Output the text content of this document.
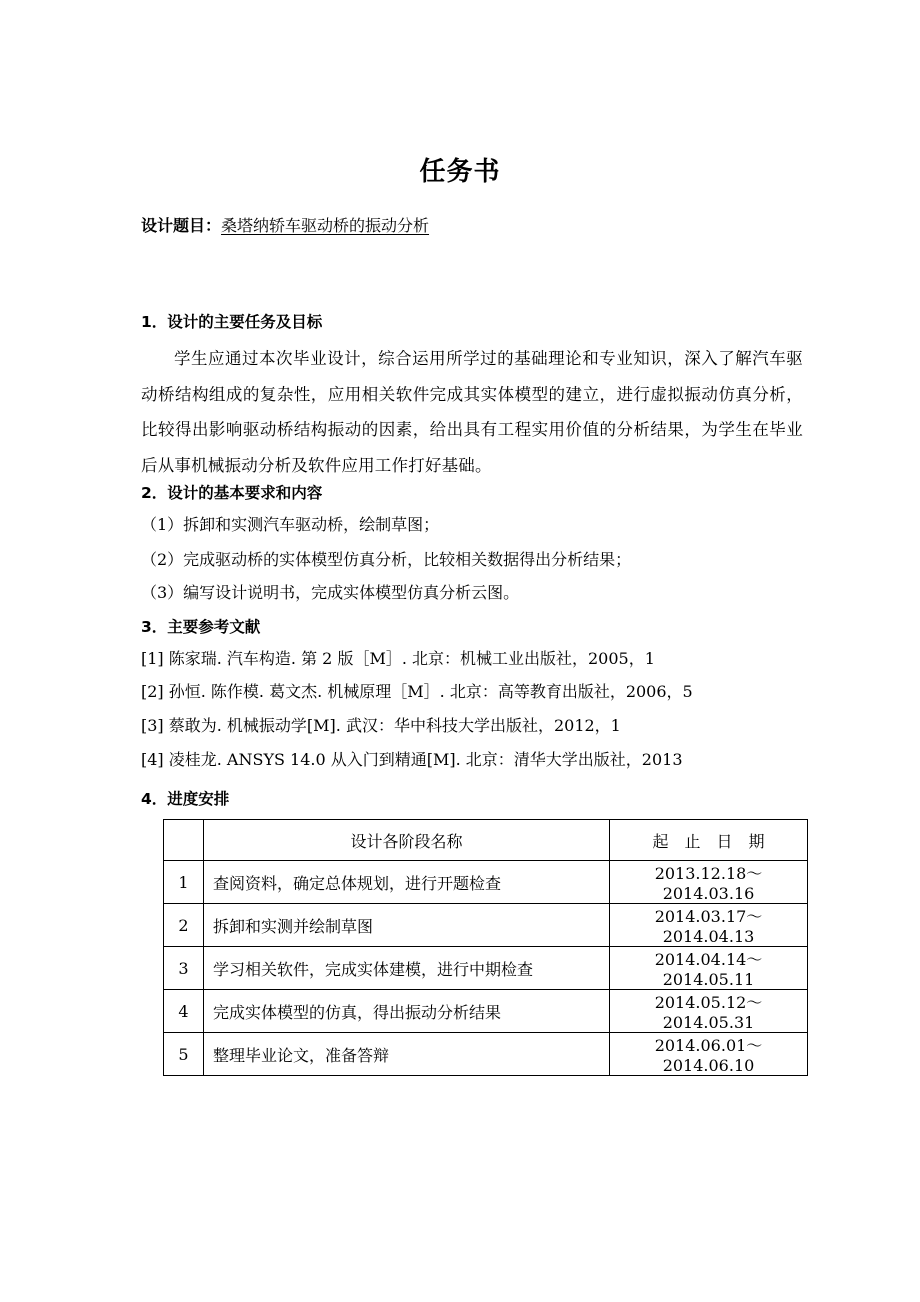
任务书
设计题目：桑塔纳轿车驱动桥的振动分析
1．设计的主要任务及目标
学生应通过本次毕业设计，综合运用所学过的基础理论和专业知识，深入了解汽车驱动桥结构组成的复杂性，应用相关软件完成其实体模型的建立，进行虚拟振动仿真分析，比较得出影响驱动桥结构振动的因素，给出具有工程实用价值的分析结果，为学生在毕业后从事机械振动分析及软件应用工作打好基础。
2．设计的基本要求和内容
（1）拆卸和实测汽车驱动桥，绘制草图；
（2）完成驱动桥的实体模型仿真分析，比较相关数据得出分析结果；
（3）编写设计说明书，完成实体模型仿真分析云图。
3．主要参考文献
[1] 陈家瑞. 汽车构造. 第 2 版［M］. 北京：机械工业出版社，2005，1
[2] 孙恒. 陈作模. 葛文杰. 机械原理［M］. 北京：高等教育出版社，2006，5
[3] 蔡敢为. 机械振动学[M]. 武汉：华中科技大学出版社，2012，1
[4] 凌桂龙. ANSYS 14.0 从入门到精通[M]. 北京：清华大学出版社，2013
4．进度安排
	设计各阶段名称	起　止　日　期
1	查阅资料，确定总体规划，进行开题检查	2013.12.18～2014.03.16
2	拆卸和实测并绘制草图	2014.03.17～2014.04.13
3	学习相关软件，完成实体建模，进行中期检查	2014.04.14～2014.05.11
4	完成实体模型的仿真，得出振动分析结果	2014.05.12～2014.05.31
5	整理毕业论文，准备答辩	2014.06.01～2014.06.10
